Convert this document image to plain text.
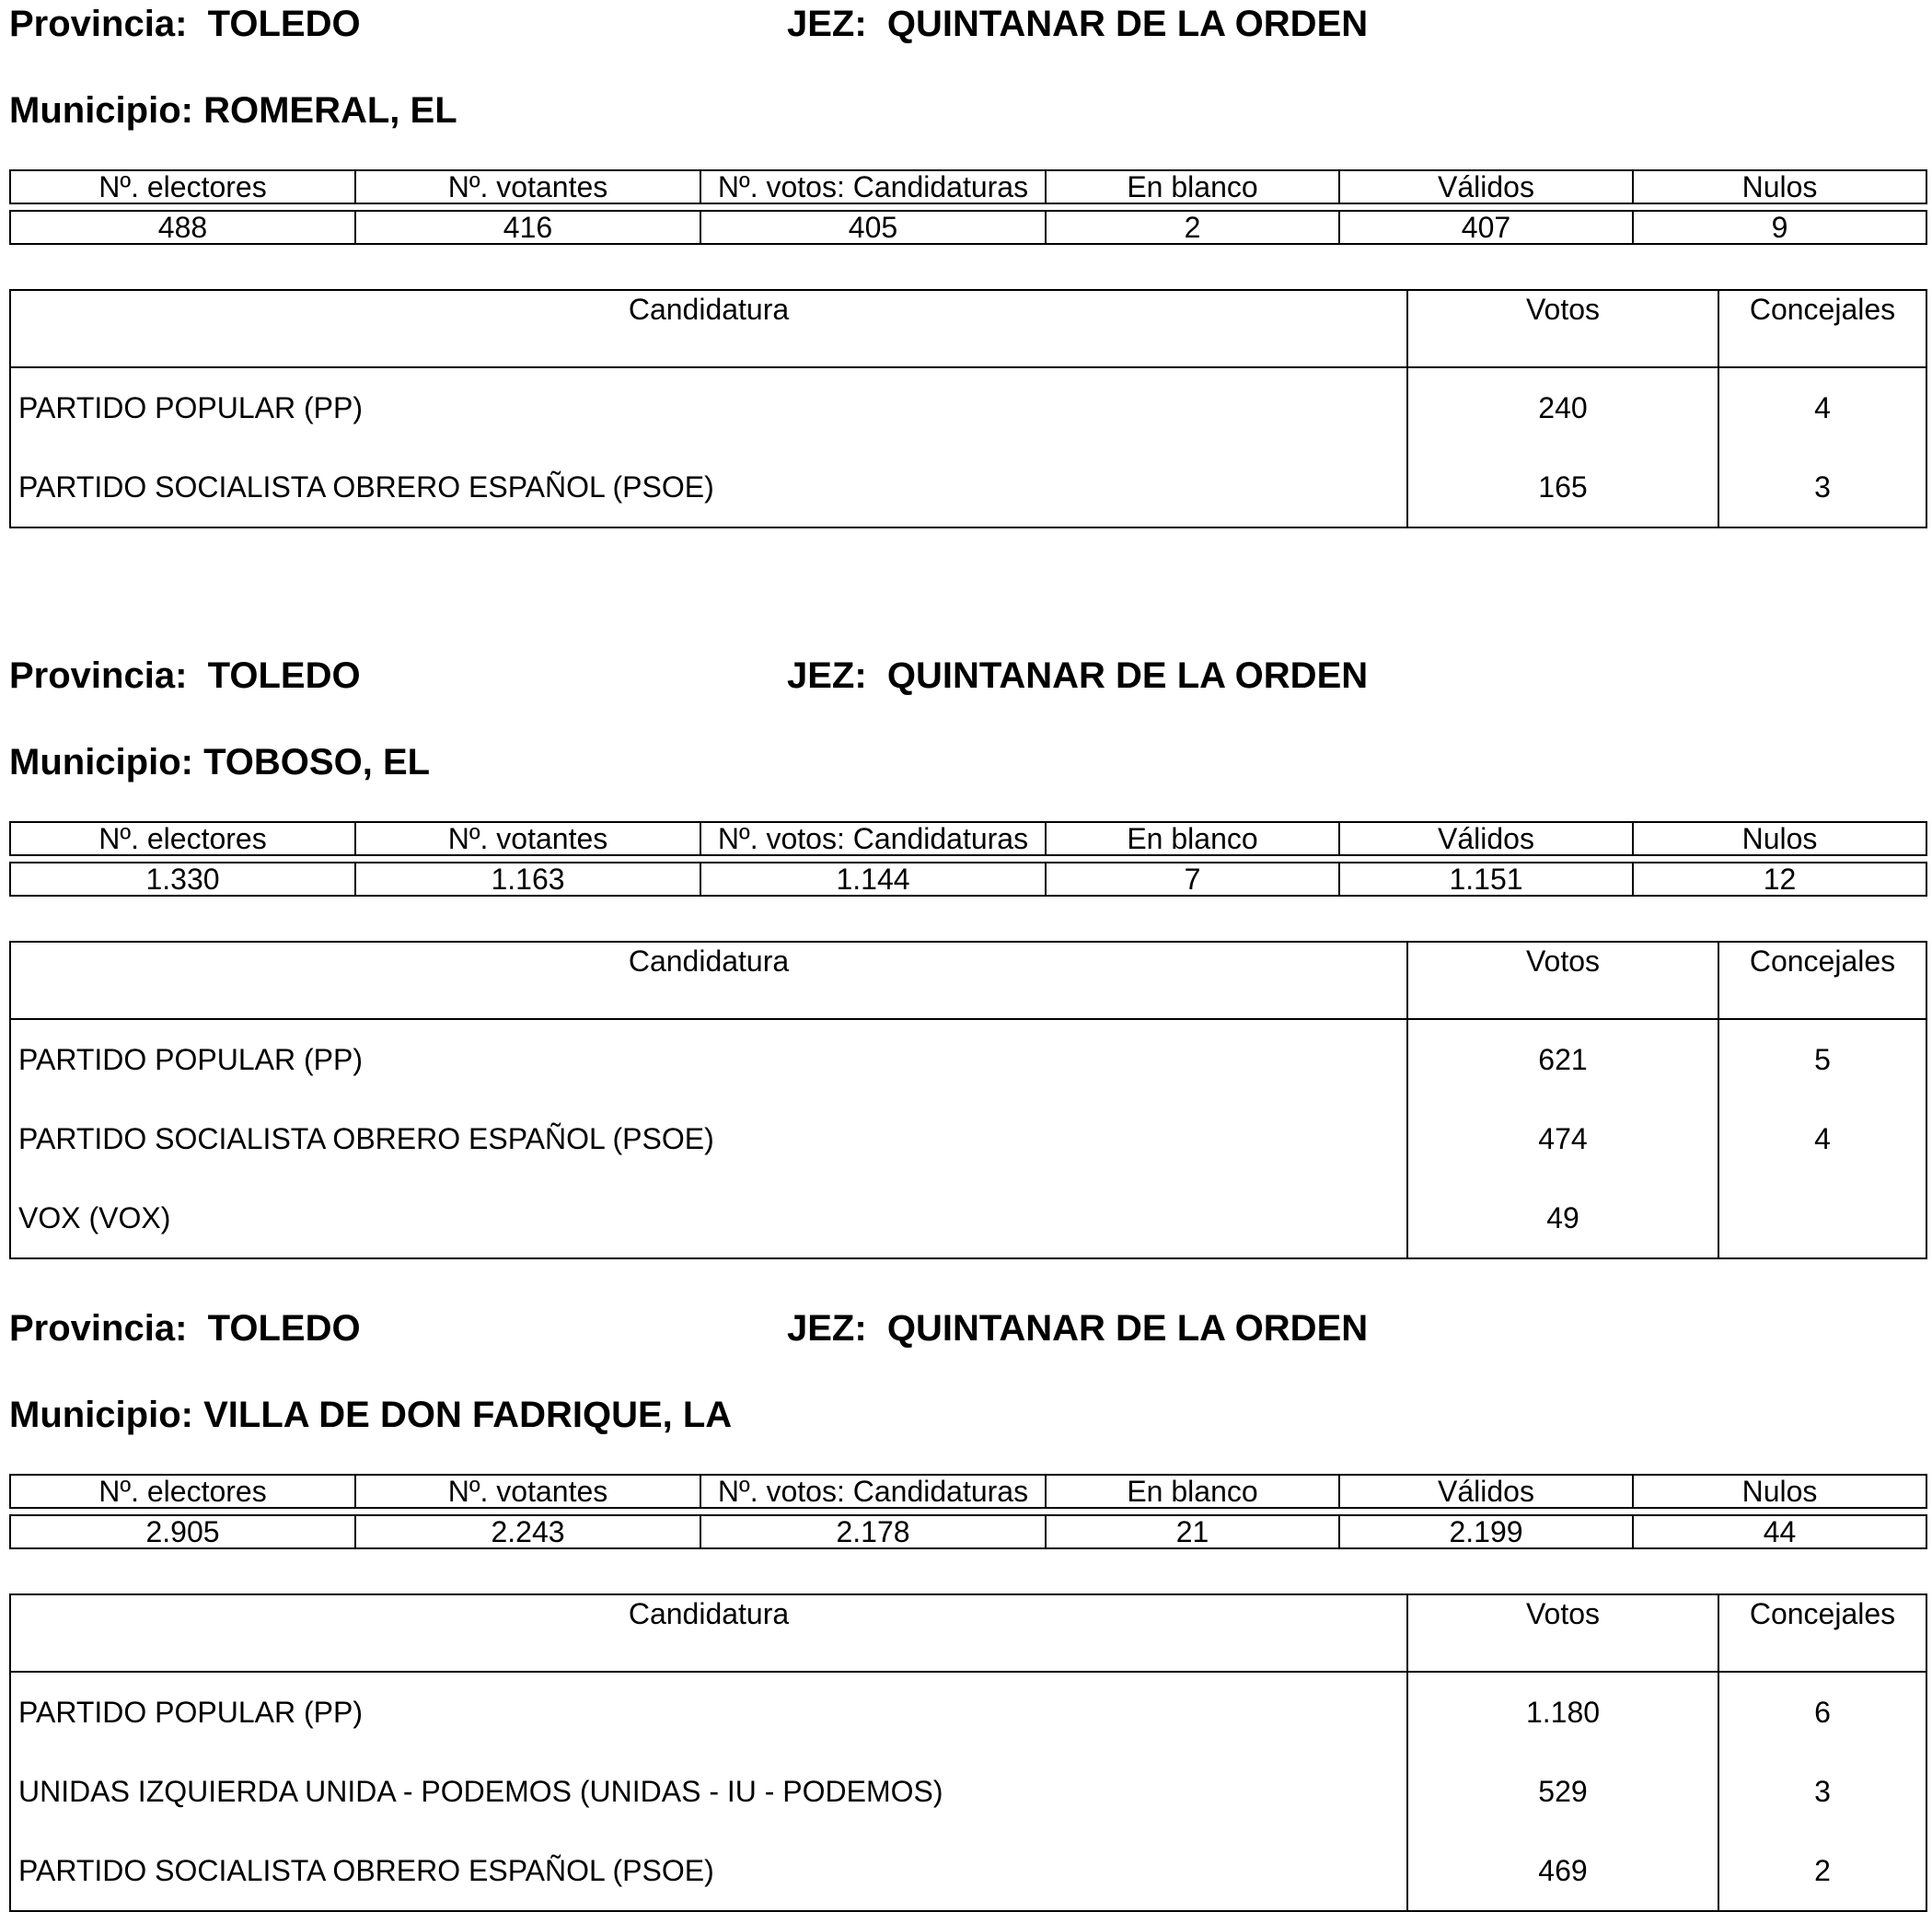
Provincia: TOLEDO	JEZ: QUINTANAR DE LA ORDEN
Municipio: ROMERAL, EL
Nº. electores	Nº. votantes	Nº. votos: Candidaturas	En blanco	Válidos	Nulos

488	416	405	2	407	9
Candidatura	Votos	Concejales
PARTIDO POPULAR (PP)	240	4
PARTIDO SOCIALISTA OBRERO ESPAÑOL (PSOE)	165	3
Provincia: TOLEDO	JEZ: QUINTANAR DE LA ORDEN
Municipio: TOBOSO, EL
Nº. electores	Nº. votantes	Nº. votos: Candidaturas	En blanco	Válidos	Nulos

1.330	1.163	1.144	7	1.151	12
Candidatura	Votos	Concejales
PARTIDO POPULAR (PP)	621	5
PARTIDO SOCIALISTA OBRERO ESPAÑOL (PSOE)	474	4
VOX (VOX)	49	
Provincia: TOLEDO	JEZ: QUINTANAR DE LA ORDEN
Municipio: VILLA DE DON FADRIQUE, LA
Nº. electores	Nº. votantes	Nº. votos: Candidaturas	En blanco	Válidos	Nulos

2.905	2.243	2.178	21	2.199	44
Candidatura	Votos	Concejales
PARTIDO POPULAR (PP)	1.180	6
UNIDAS IZQUIERDA UNIDA - PODEMOS (UNIDAS - IU - PODEMOS)	529	3
PARTIDO SOCIALISTA OBRERO ESPAÑOL (PSOE)	469	2
